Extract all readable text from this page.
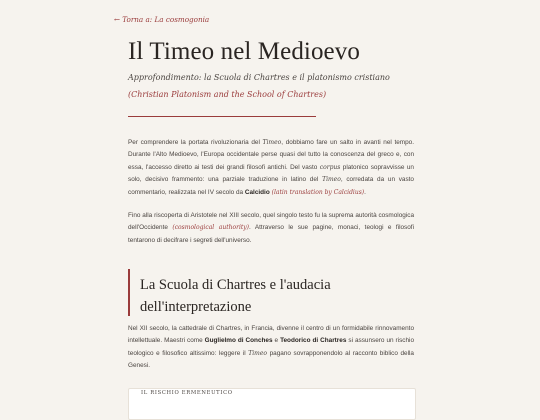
← Torna a: La cosmogonia
Il Timeo nel Medioevo
Approfondimento: la Scuola di Chartres e il platonismo cristiano
(Christian Platonism and the School of Chartres)

Per comprendere la portata rivoluzionaria del Timeo, dobbiamo fare un salto in avanti nel tempo. Durante l'Alto Medioevo, l'Europa occidentale perse quasi del tutto la conoscenza del greco e, con essa, l'accesso diretto ai testi dei grandi filosofi antichi. Del vasto corpus platonico sopravvisse un solo, decisivo frammento: una parziale traduzione in latino del Timeo, corredata da un vasto commentario, realizzata nel IV secolo da Calcidio (latin translation by Calcidius).

Fino alla riscoperta di Aristotele nel XIII secolo, quel singolo testo fu la suprema autorità cosmologica dell'Occidente (cosmological authority). Attraverso le sue pagine, monaci, teologi e filosofi tentarono di decifrare i segreti dell'universo.

La Scuola di Chartres e l'audacia dell'interpretazione

Nel XII secolo, la cattedrale di Chartres, in Francia, divenne il centro di un formidabile rinnovamento intellettuale. Maestri come Guglielmo di Conches e Teodorico di Chartres si assunsero un rischio teologico e filosofico altissimo: leggere il Timeo pagano sovrapponendolo al racconto biblico della Genesi.

IL RISCHIO ERMENEUTICO
